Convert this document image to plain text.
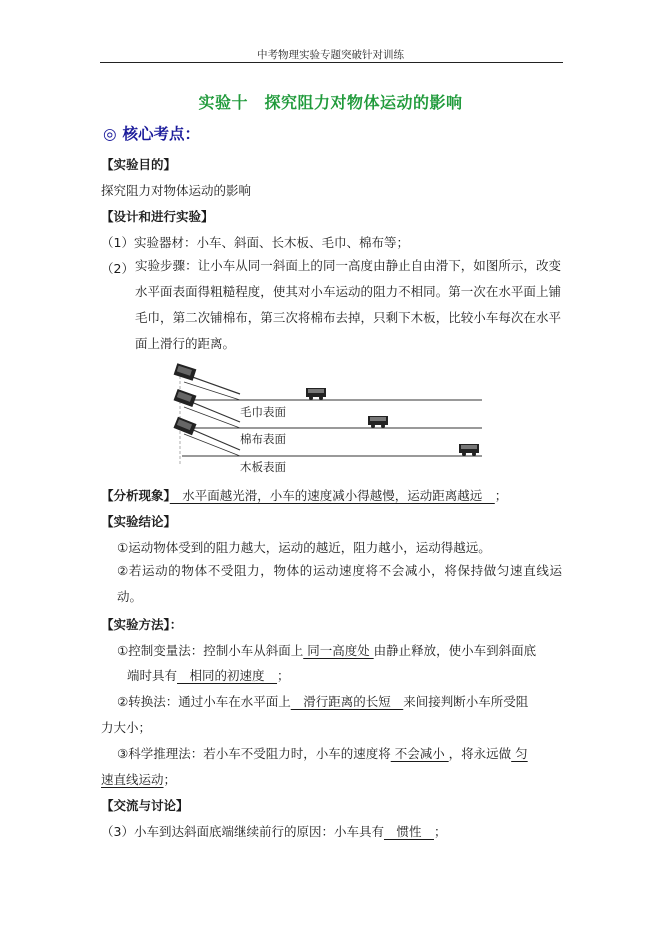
中考物理实验专题突破针对训练
实验十　探究阻力对物体运动的影响
◎ 核心考点：
【实验目的】
探究阻力对物体运动的影响
【设计和进行实验】
（1）实验器材：小车、斜面、长木板、毛巾、棉布等；
（2） 实验步骤：让小车从同一斜面上的同一高度由静止自由滑下，如图所示，改变水平面表面得粗糙程度，使其对小车运动的阻力不相同。第一次在水平面上铺毛巾，第二次铺棉布，第三次将棉布去掉，只剩下木板，比较小车每次在水平面上滑行的距离。
毛巾表面
棉布表面
木板表面
【分析现象】　水平面越光滑，小车的速度减小得越慢，运动距离越远　；
【实验结论】
①运动物体受到的阻力越大，运动的越近，阻力越小，运动得越远。
②若运动的物体不受阻力，物体的运动速度将不会减小，将保持做匀速直线运动。
【实验方法】：
①控制变量法：控制小车从斜面上 同一高度处 由静止释放，使小车到斜面底
端时具有　相同的初速度　；
②转换法：通过小车在水平面上　滑行距离的长短　来间接判断小车所受阻
力大小；
③科学推理法：若小车不受阻力时，小车的速度将 不会减小 ，将永远做 匀
速直线运动；
【交流与讨论】
（3）小车到达斜面底端继续前行的原因：小车具有　惯性　；
